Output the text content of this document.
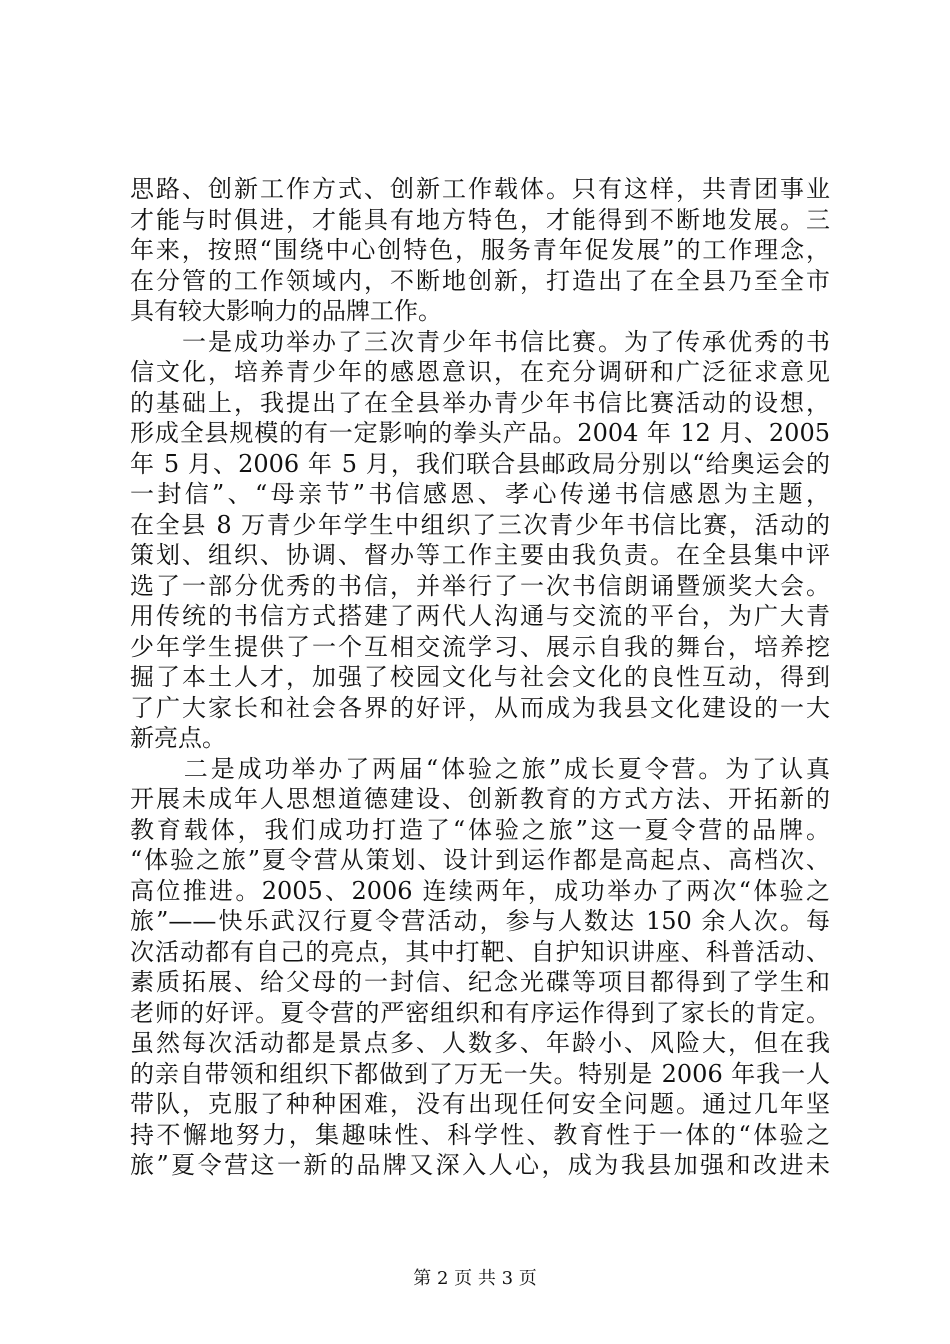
思路、创新工作方式、创新工作载体。只有这样，共青团事业
才能与时俱进，才能具有地方特色，才能得到不断地发展。三
年来，按照“围绕中心创特色，服务青年促发展”的工作理念，
在分管的工作领域内，不断地创新，打造出了在全县乃至全市
具有较大影响力的品牌工作。
　　一是成功举办了三次青少年书信比赛。为了传承优秀的书
信文化，培养青少年的感恩意识，在充分调研和广泛征求意见
的基础上，我提出了在全县举办青少年书信比赛活动的设想，
形成全县规模的有一定影响的拳头产品。2004 年 12 月、2005
年 5 月、2006 年 5 月，我们联合县邮政局分别以“给奥运会的
一封信”、“母亲节”书信感恩、孝心传递书信感恩为主题，
在全县 8 万青少年学生中组织了三次青少年书信比赛，活动的
策划、组织、协调、督办等工作主要由我负责。在全县集中评
选了一部分优秀的书信，并举行了一次书信朗诵暨颁奖大会。
用传统的书信方式搭建了两代人沟通与交流的平台，为广大青
少年学生提供了一个互相交流学习、展示自我的舞台，培养挖
掘了本土人才，加强了校园文化与社会文化的良性互动，得到
了广大家长和社会各界的好评，从而成为我县文化建设的一大
新亮点。
　　二是成功举办了两届“体验之旅”成长夏令营。为了认真
开展未成年人思想道德建设、创新教育的方式方法、开拓新的
教育载体，我们成功打造了“体验之旅”这一夏令营的品牌。
“体验之旅”夏令营从策划、设计到运作都是高起点、高档次、
高位推进。2005、2006 连续两年，成功举办了两次“体验之
旅”——快乐武汉行夏令营活动，参与人数达 150 余人次。每
次活动都有自己的亮点，其中打靶、自护知识讲座、科普活动、
素质拓展、给父母的一封信、纪念光碟等项目都得到了学生和
老师的好评。夏令营的严密组织和有序运作得到了家长的肯定。
虽然每次活动都是景点多、人数多、年龄小、风险大，但在我
的亲自带领和组织下都做到了万无一失。特别是 2006 年我一人
带队，克服了种种困难，没有出现任何安全问题。通过几年坚
持不懈地努力，集趣味性、科学性、教育性于一体的“体验之
旅”夏令营这一新的品牌又深入人心，成为我县加强和改进未
第 2 页 共 3 页
